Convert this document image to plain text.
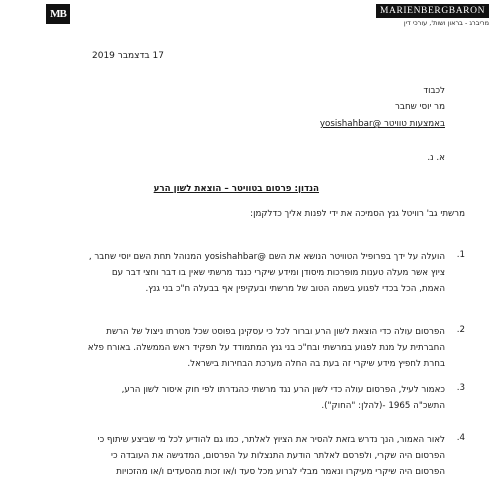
MB	MARIENBERGBARON
מריברג - בראון ושות', עורכי דין
17 בדצמבר 2019
לכבוד
מר יוסי שחבר
באמצעות טוויטר @yosishahbar
א. נ.
הנדון: פרסום בטוויטר – הוצאת לשון הרע
מרשתי גב' רוויטל גנץ הסמיכה את ידי לפנות אליך כדלקמן:
.1

הועלה על ידך בפרופיל הטוויטר הנושא את השם @yosishahbar המנוהל תחת השם יוסי שחבר ,

ציוץ אשר מעלה טענות מופרכות מיסודן ומידע שיקרי כנגד מרשתי שאין בו דבר וחצי דבר עם

האמת, הכל בכדי לפגוע בשמה הטוב של מרשתי ובעקיפין אף בבעלה ח"כ בני גנץ.

.2

הפרסום עולה כדי הוצאת לשון הרע וברור לכל כי עסקינן בפוסט שכל מטרתו ניצול של הרשת

החברתית על מנת לפגוע במרשתי ובח"כ בני גנץ המתמודד על תפקיד ראש הממשלה. באורח פלא

בחרת לחפיץ מידע שיקרי זה בעת בה החלה מערכת הבחירות בישראל.

.3

כאמור לעיל, הפרסום עולה כדי לשון הרע נגד מרשתי כהגדרתו לפי חוק איסור לשון הרע,

התשכ"ה 1965 -(להלן: "החוק").

.4

לאור האמור, הנך נדרש בזאת להסיר את הציוץ לאלתר, כמו גם להודיע לכל מי שביצע שיתוף כי

הפרסום היה שקרי, ולפרסם לאלתר הודעת התנצלות על הפרסום, המדגישה את העובדה כי

הפרסום היה שיקרי מעיקרו ונאמר מבלי לגרוע מכל סעד ו/או זכות מהסעדים ו/או מהזכויות
